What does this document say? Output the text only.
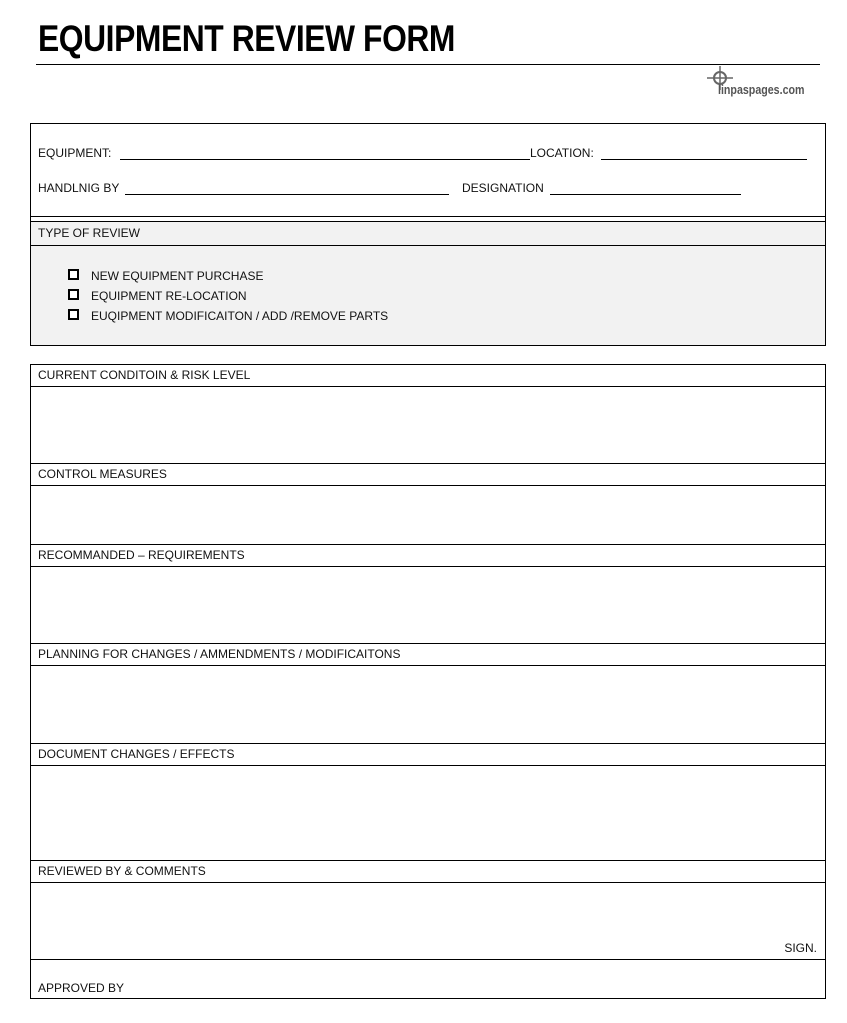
EQUIPMENT REVIEW FORM
linpaspages.com
EQUIPMENT:	LOCATION:
HANDLNIG BY	DESIGNATION
TYPE OF REVIEW
NEW EQUIPMENT PURCHASE
EQUIPMENT RE-LOCATION
EUQIPMENT MODIFICAITON / ADD /REMOVE PARTS
CURRENT CONDITOIN & RISK LEVEL
CONTROL MEASURES
RECOMMANDED – REQUIREMENTS
PLANNING FOR CHANGES / AMMENDMENTS / MODIFICAITONS
DOCUMENT CHANGES / EFFECTS
REVIEWED BY & COMMENTS
SIGN.
APPROVED BY
